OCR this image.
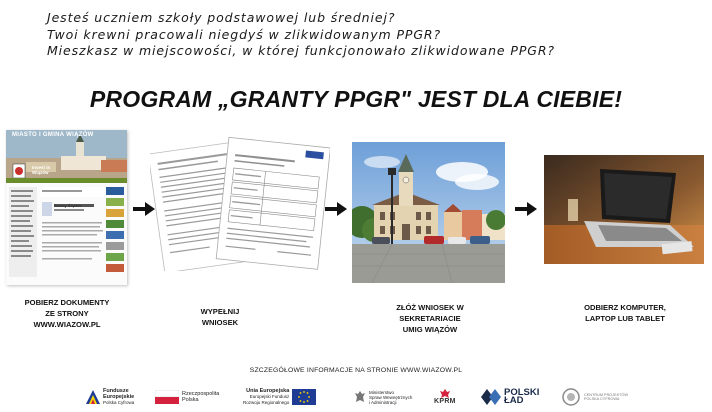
Jesteś uczniem szkoły podstawowej lub średniej?
Twoi krewni pracowali niegdyś w zlikwidowanym PPGR?
Mieszkasz w miejscowości, w której funkcjonowało zlikwidowane PPGR?
PROGRAM „GRANTY PPGR" JEST DLA CIEBIE!
MIASTO I GMINA WIĄZÓW
Invest in Wiązów
Szkoły Śląskie
POBIERZ DOKUMENTY
ZE STRONY
WWW.WIAZOW.PL
WYPEŁNIJ
WNIOSEK
ZŁÓŻ WNIOSEK W
SEKRETARIACIE
UMIG WIĄZÓW
ODBIERZ KOMPUTER,
LAPTOP LUB TABLET
SZCZEGÓŁOWE INFORMACJE NA STRONIE WWW.WIAZOW.PL
Fundusze
Europejskie
Polska Cyfrowa
Rzeczpospolita
Polska
Unia Europejska
Europejski Fundusz
Rozwoju Regionalnego
Ministerstwo
Spraw Wewnętrznych
i Administracji	KPRM
POLSKI
ŁAD
CENTRUM PROJEKTÓW
POLSKA CYFROWA
